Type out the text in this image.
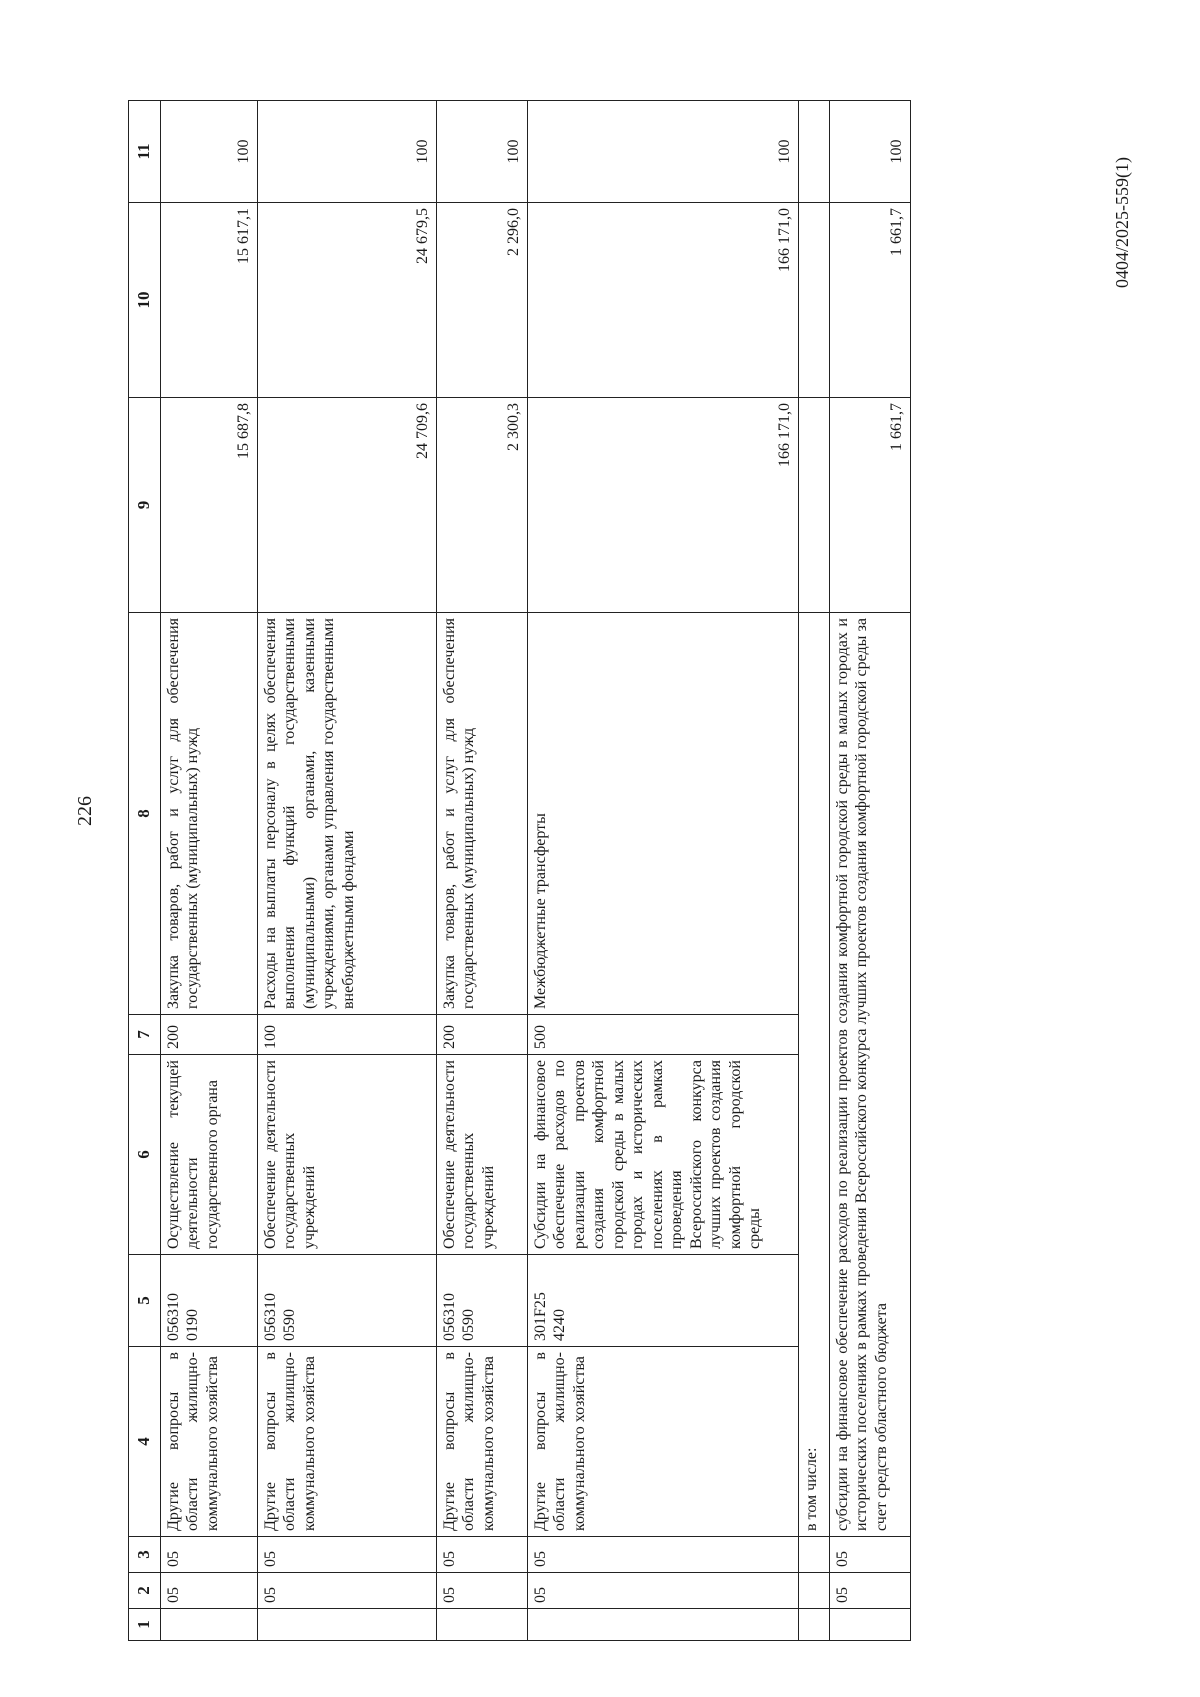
226
0404/2025-559(1)
1	2	3	4	5	6	7	8	9	10	11
	05	05	Другие вопросы в области жилищно-коммунального хозяйства	056310 0190	Осуществление текущей деятельности государственного органа	200	Закупка товаров, работ и услуг для обеспечения государственных (муниципальных) нужд	15 687,8	15 617,1	100
	05	05	Другие вопросы в области жилищно-коммунального хозяйства	056310 0590	Обеспечение деятельности государственных учреждений	100	Расходы на выплаты персоналу в целях обеспечения выполнения функций государственными (муниципальными) органами, казенными учреждениями, органами управления государственными внебюджетными фондами	24 709,6	24 679,5	100
	05	05	Другие вопросы в области жилищно-коммунального хозяйства	056310 0590	Обеспечение деятельности государственных учреждений	200	Закупка товаров, работ и услуг для обеспечения государственных (муниципальных) нужд	2 300,3	2 296,0	100
	05	05	Другие вопросы в области жилищно-коммунального хозяйства	301F25 4240	Субсидии на финансовое обеспечение расходов по реализации проектов создания комфортной городской среды в малых городах и исторических поселениях в рамках проведения Всероссийского конкурса лучших проектов создания комфортной городской среды	500	Межбюджетные трансферты	166 171,0	166 171,0	100
			в том числе:							
	05	05	субсидии на финансовое обеспечение расходов по реализации проектов создания комфортной городской среды в малых городах и исторических поселениях в рамках проведения Всероссийского конкурса лучших проектов создания комфортной городской среды за счет средств областного бюджета					1 661,7	1 661,7	100
